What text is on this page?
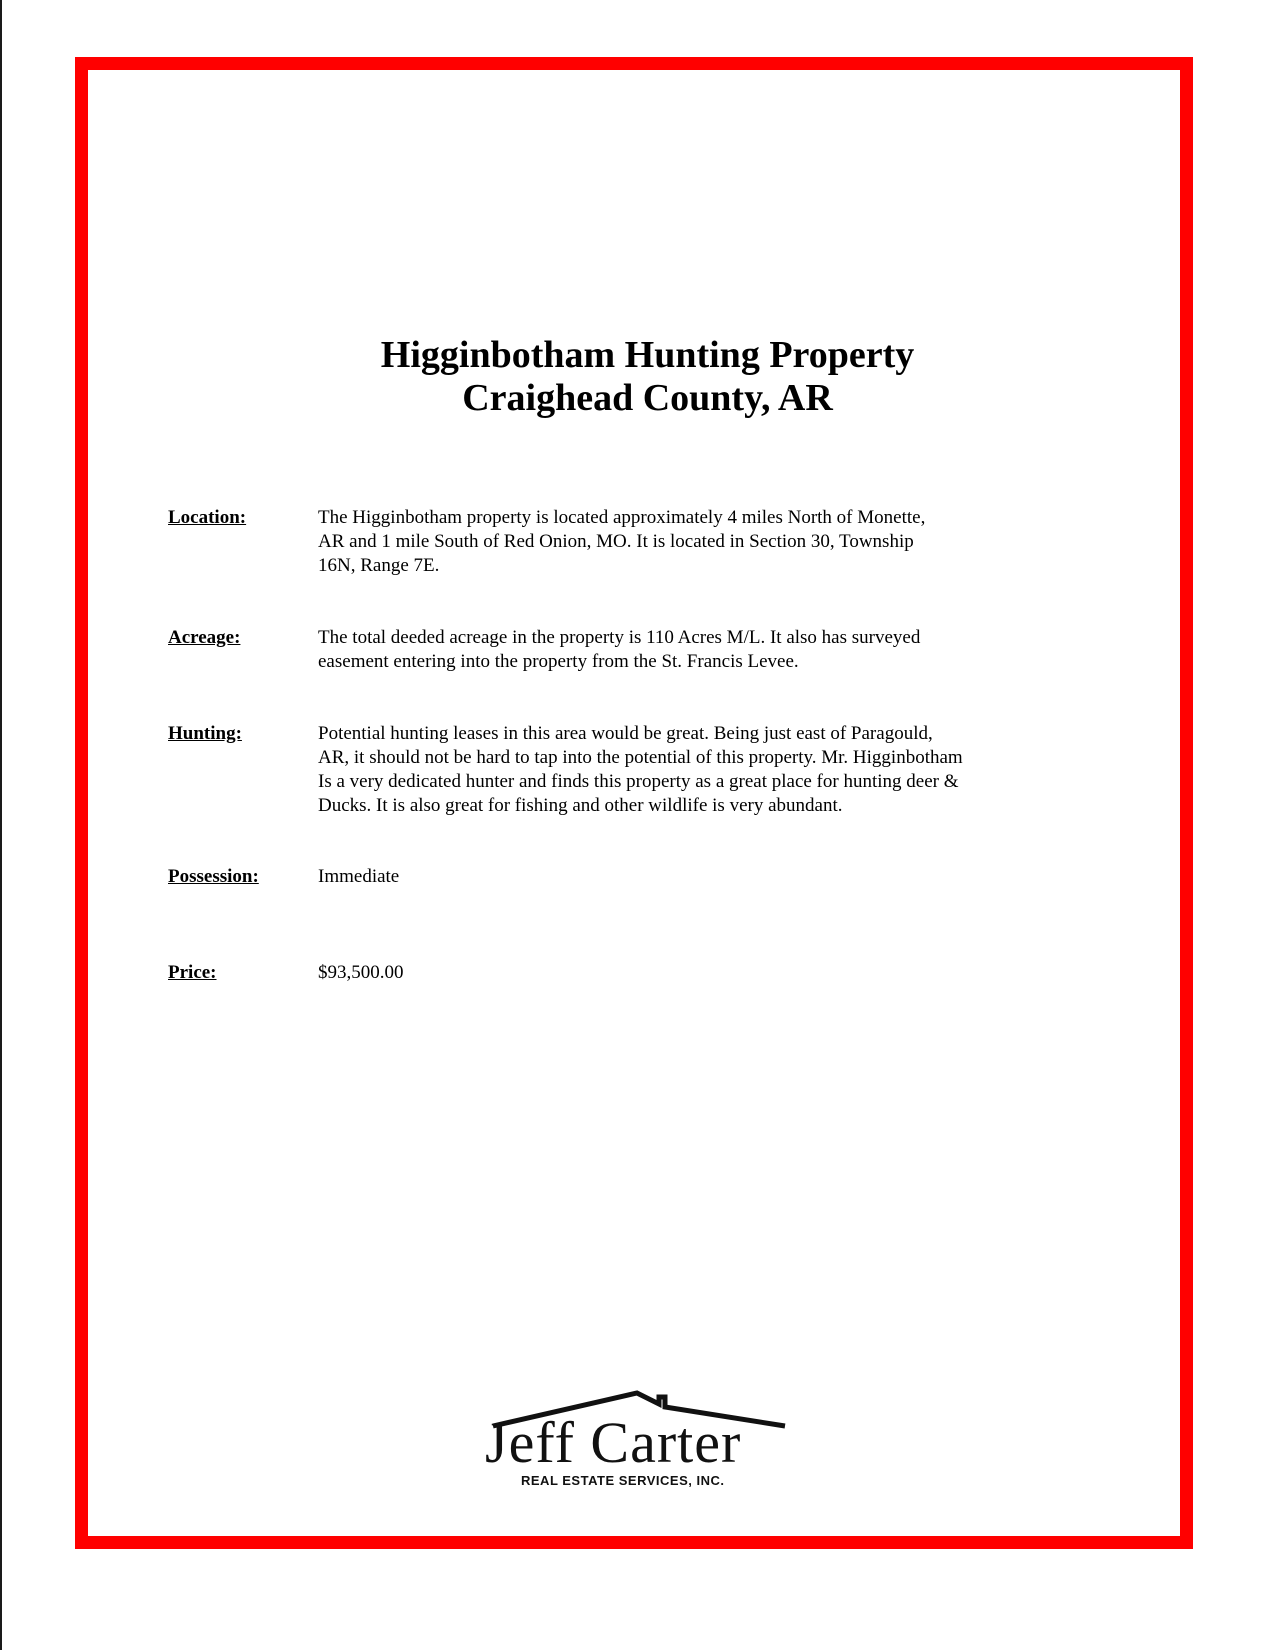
Higginbotham Hunting Property
Craighead County, AR
Location:	The Higginbotham property is located approximately 4 miles North of Monette,
AR and 1 mile South of Red Onion, MO. It is located in Section 30, Township
16N, Range 7E.
Acreage:	The total deeded acreage in the property is 110 Acres M/L. It also has surveyed
easement entering into the property from the St. Francis Levee.
Hunting:	Potential hunting leases in this area would be great. Being just east of Paragould,
AR, it should not be hard to tap into the potential of this property. Mr. Higginbotham
Is a very dedicated hunter and finds this property as a great place for hunting deer &
Ducks. It is also great for fishing and other wildlife is very abundant.
Possession:	Immediate
Price:	$93,500.00
Jeff Carter
REAL ESTATE SERVICES, INC.
